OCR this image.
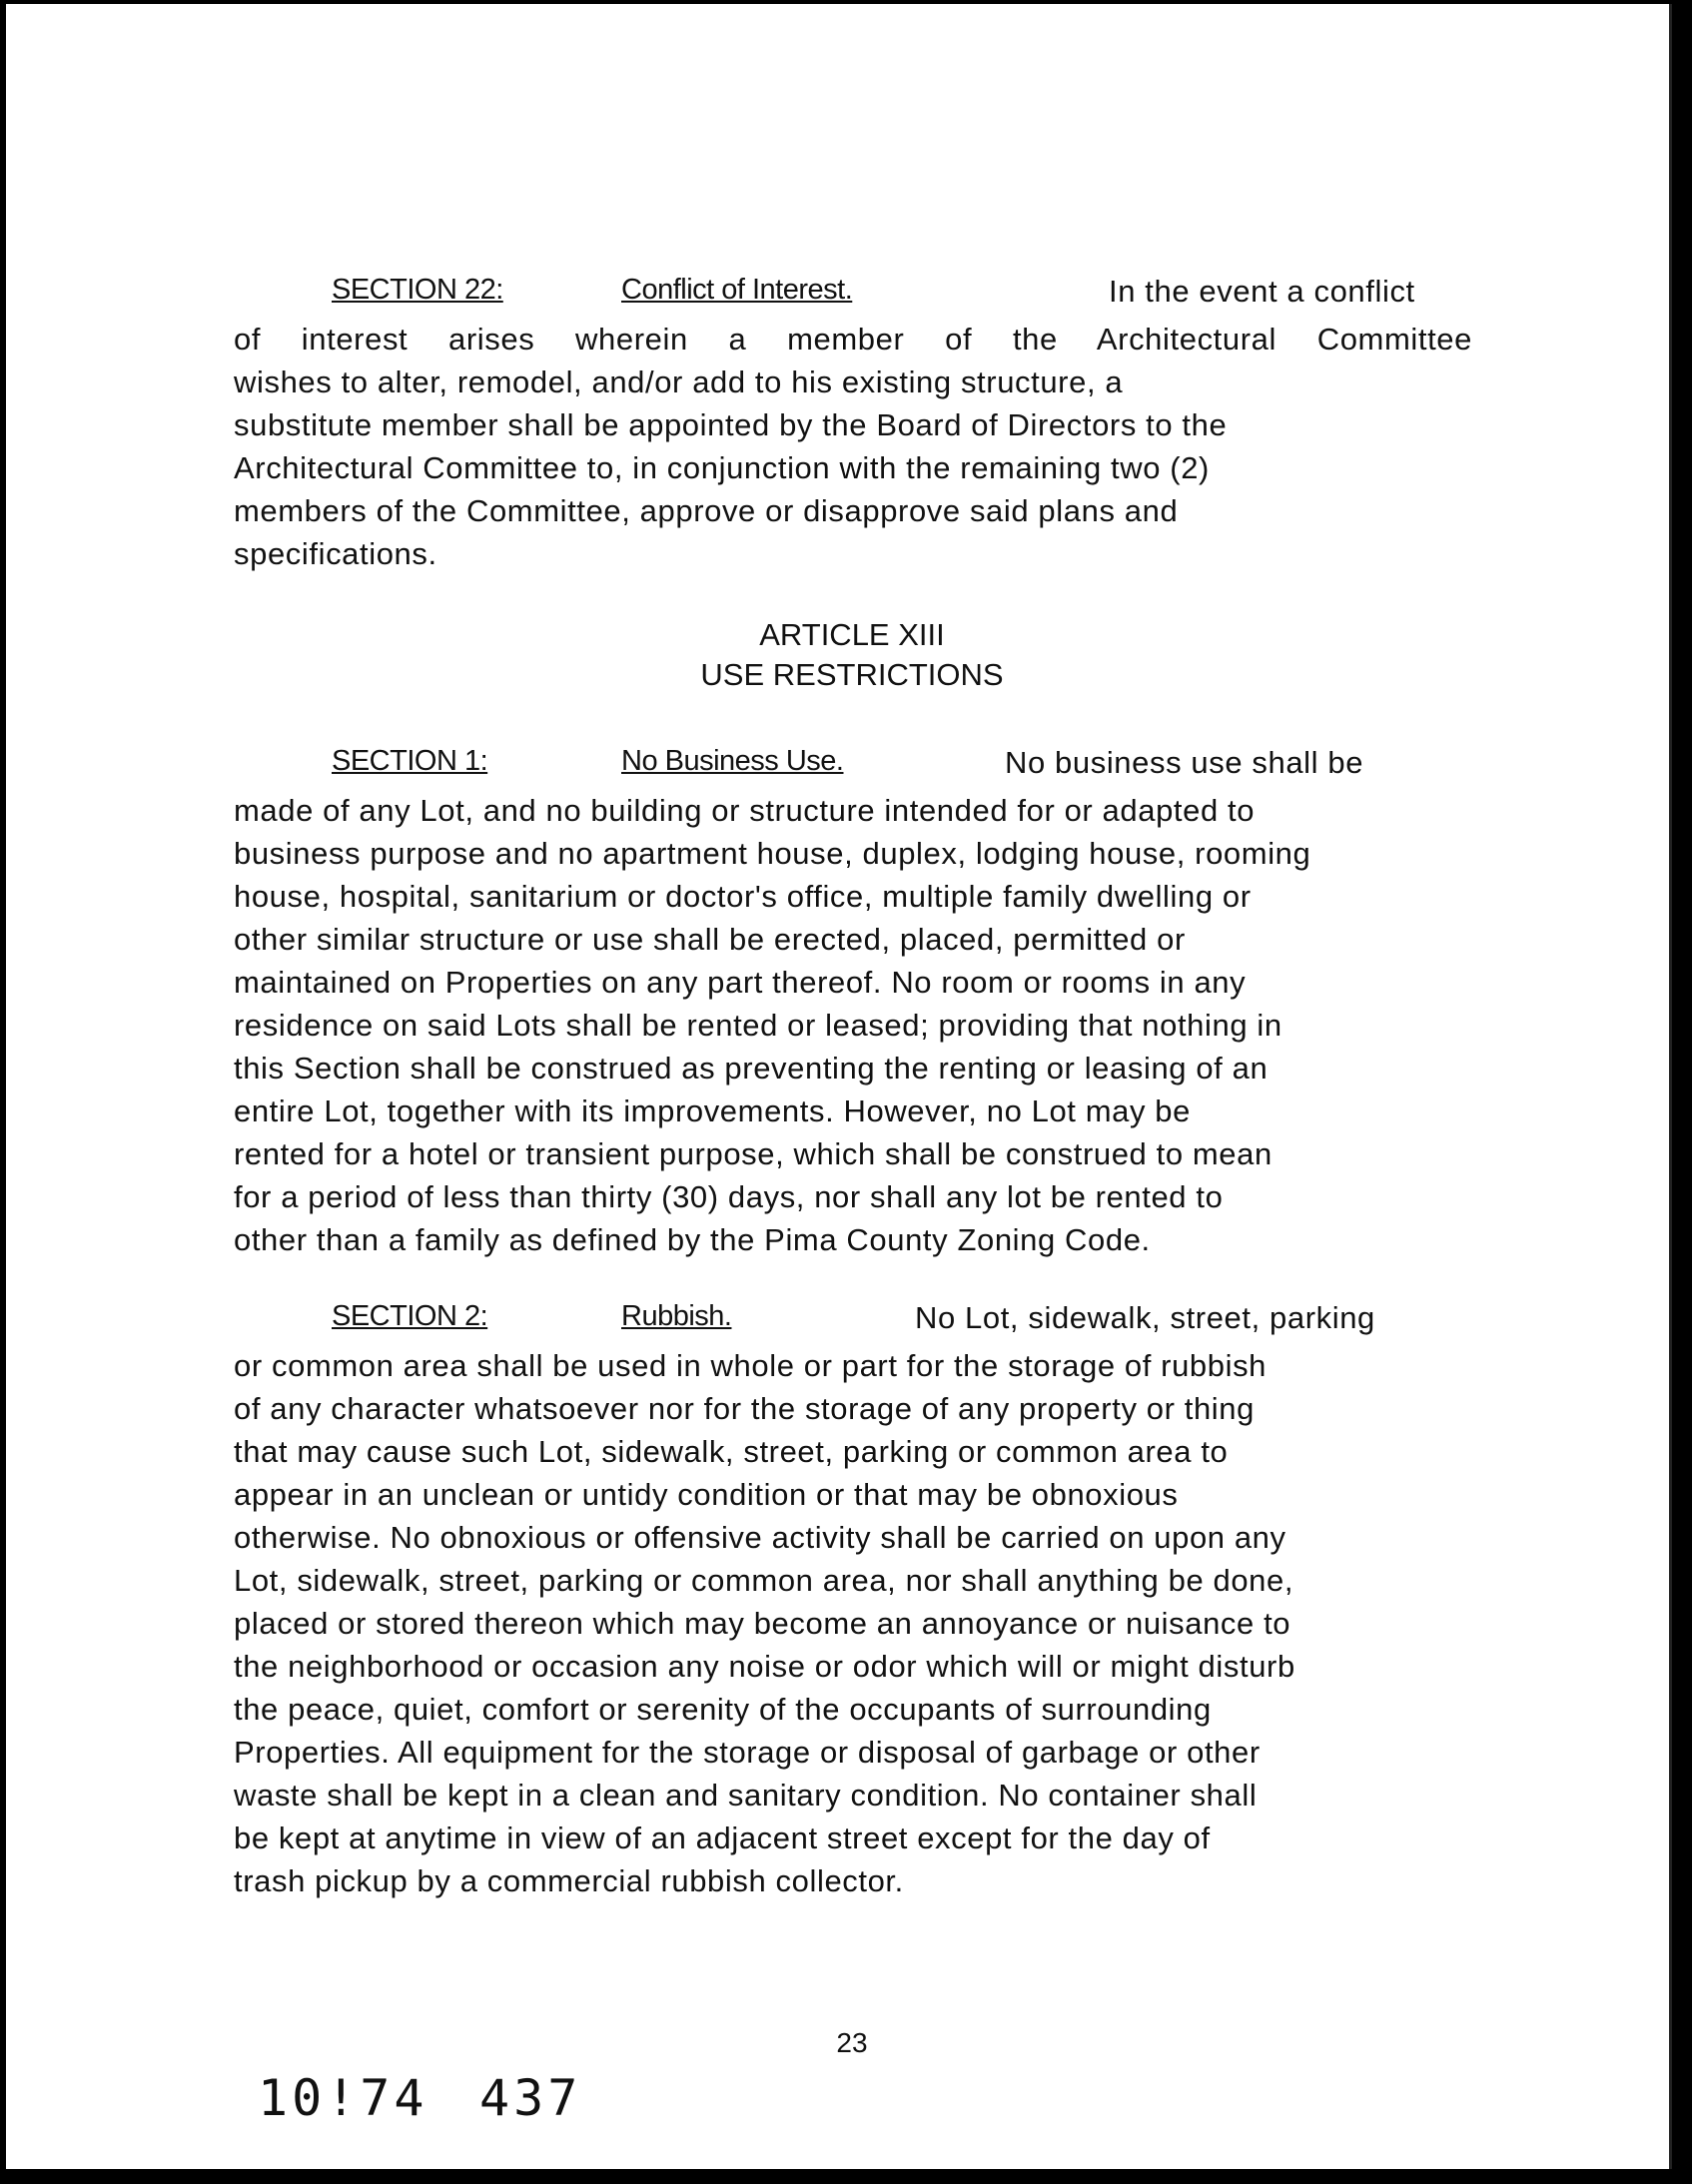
SECTION 22:	Conflict of Interest.	In the event a conflict
of interest arises wherein a member of the Architectural Committee
wishes to alter, remodel, and/or add to his existing structure, a
substitute member shall be appointed by the Board of Directors to the
Architectural Committee to, in conjunction with the remaining two (2)
members of the Committee, approve or disapprove said plans and
specifications.
ARTICLE XIII
USE RESTRICTIONS
SECTION 1:	No Business Use.	No business use shall be
made of any Lot, and no building or structure intended for or adapted to
business purpose and no apartment house, duplex, lodging house, rooming
house, hospital, sanitarium or doctor's office, multiple family dwelling or
other similar structure or use shall be erected, placed, permitted or
maintained on Properties on any part thereof. No room or rooms in any
residence on said Lots shall be rented or leased; providing that nothing in
this Section shall be construed as preventing the renting or leasing of an
entire Lot, together with its improvements. However, no Lot may be
rented for a hotel or transient purpose, which shall be construed to mean
for a period of less than thirty (30) days, nor shall any lot be rented to
other than a family as defined by the Pima County Zoning Code.
SECTION 2:	Rubbish.	No Lot, sidewalk, street, parking
or common area shall be used in whole or part for the storage of rubbish
of any character whatsoever nor for the storage of any property or thing
that may cause such Lot, sidewalk, street, parking or common area to
appear in an unclean or untidy condition or that may be obnoxious
otherwise. No obnoxious or offensive activity shall be carried on upon any
Lot, sidewalk, street, parking or common area, nor shall anything be done,
placed or stored thereon which may become an annoyance or nuisance to
the neighborhood or occasion any noise or odor which will or might disturb
the peace, quiet, comfort or serenity of the occupants of surrounding
Properties. All equipment for the storage or disposal of garbage or other
waste shall be kept in a clean and sanitary condition. No container shall
be kept at anytime in view of an adjacent street except for the day of
trash pickup by a commercial rubbish collector.
23
10!74 437
